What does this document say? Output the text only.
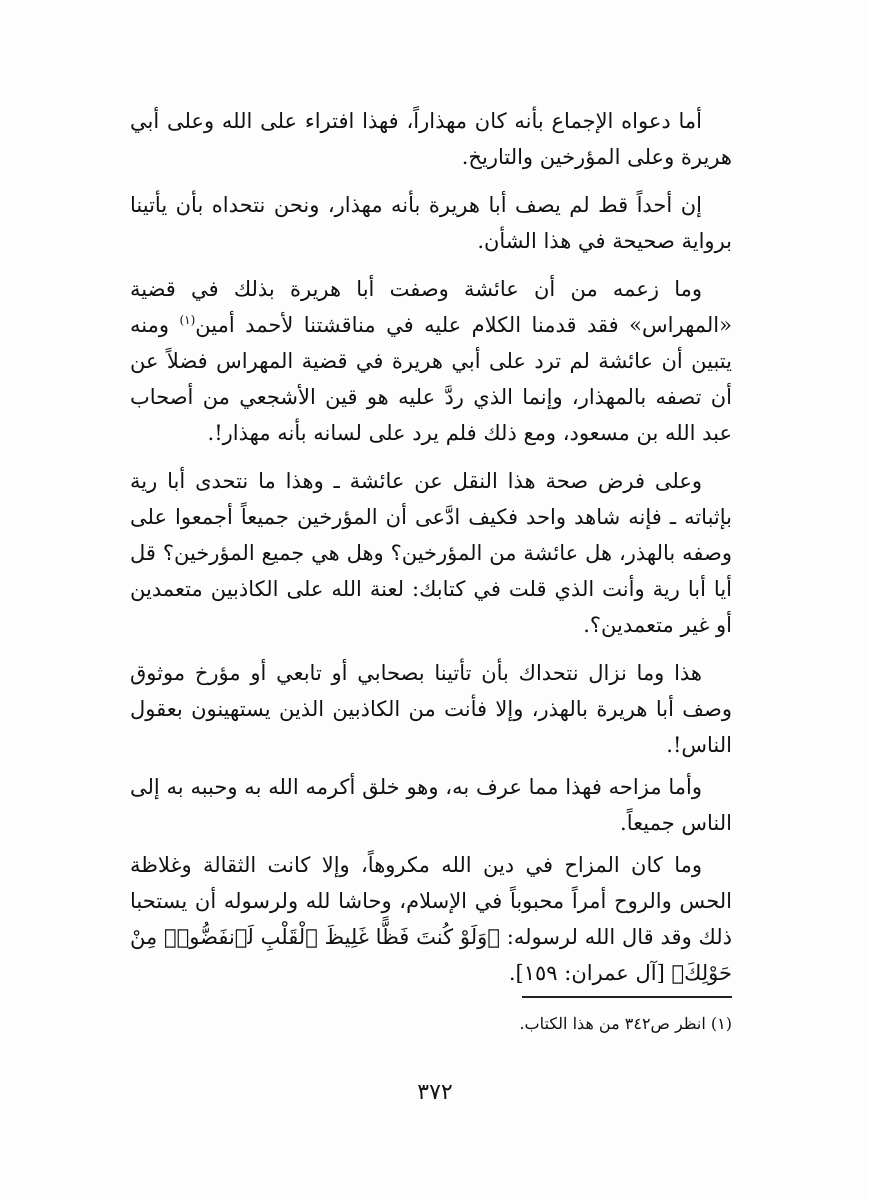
أما دعواه الإجماع بأنه كان مهذاراً، فهذا افتراء على الله وعلى أبي هريرة وعلى المؤرخين والتاريخ.

إن أحداً قط لم يصف أبا هريرة بأنه مهذار، ونحن نتحداه بأن يأتينا برواية صحيحة في هذا الشأن.

وما زعمه من أن عائشة وصفت أبا هريرة بذلك في قضية «المهراس» فقد قدمنا الكلام عليه في مناقشتنا لأحمد أمين$^{(١)}$ ومنه يتبين أن عائشة لم ترد على أبي هريرة في قضية المهراس فضلاً عن أن تصفه بالمهذار، وإنما الذي ردَّ عليه هو قين الأشجعي من أصحاب عبد الله بن مسعود، ومع ذلك فلم يرد على لسانه بأنه مهذار!.

وعلى فرض صحة هذا النقل عن عائشة ـ وهذا ما نتحدى أبا رية بإثباته ـ فإنه شاهد واحد فكيف ادَّعى أن المؤرخين جميعاً أجمعوا على وصفه بالهذر، هل عائشة من المؤرخين؟ وهل هي جميع المؤرخين؟ قل أيا أبا رية وأنت الذي قلت في كتابك: لعنة الله على الكاذبين متعمدين أو غير متعمدين؟.

هذا وما نزال نتحداك بأن تأتينا بصحابي أو تابعي أو مؤرخ موثوق وصف أبا هريرة بالهذر، وإلا فأنت من الكاذبين الذين يستهينون بعقول الناس!.

وأما مزاحه فهذا مما عرف به، وهو خلق أكرمه الله به وحببه به إلى الناس جميعاً.

وما كان المزاح في دين الله مكروهاً، وإلا كانت الثقالة وغلاظة الحس والروح أمراً محبوباً في الإسلام، وحاشا لله ولرسوله أن يستحبا ذلك وقد قال الله لرسوله: ﴿وَلَوْ كُنتَ فَظًّا غَلِيظَ ٱلْقَلْبِ لَٱنفَضُّوا۟ مِنْ حَوْلِكَ﴾ [آل عمران: ١٥٩].

(١) انظر ص٣٤٢ من هذا الكتاب.
٣٧٢
